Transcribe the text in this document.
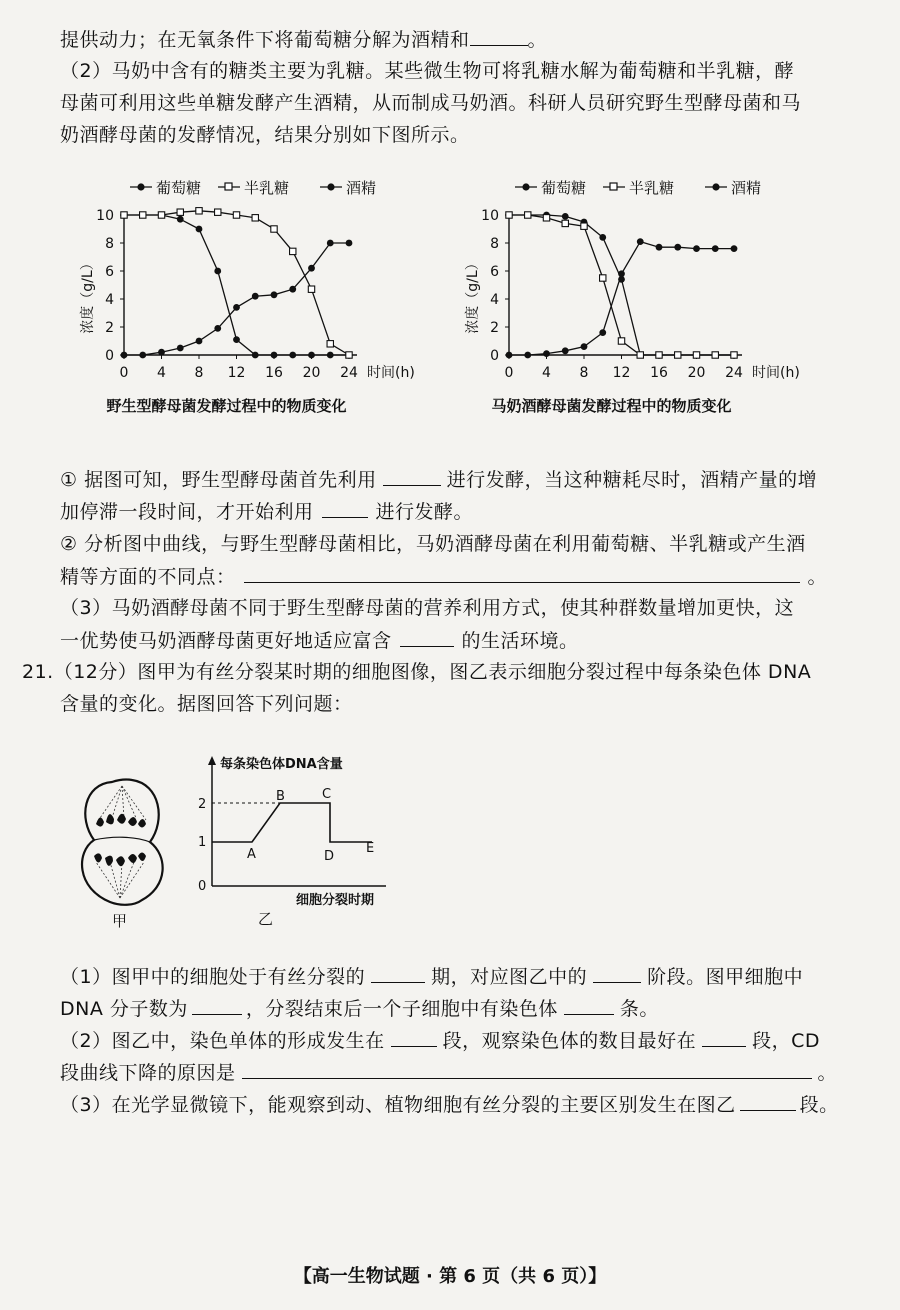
提供动力；在无氧条件下将葡萄糖分解为酒精和	。
（2）马奶中含有的糖类主要为乳糖。某些微生物可将乳糖水解为葡萄糖和半乳糖，酵
母菌可利用这些单糖发酵产生酒精，从而制成马奶酒。科研人员研究野生型酵母菌和马
奶酒酵母菌的发酵情况，结果分别如下图所示。
葡萄糖	半乳糖	酒精
0
2
4
6
8
10
0 4 8 12 16 20 24 时间(h)
浓度（g/L）
野生型酵母菌发酵过程中的物质变化
葡萄糖	半乳糖	酒精
0
2
4
6
8
10
0 4 8 12 16 20 24 时间(h)
浓度（g/L）
马奶酒酵母菌发酵过程中的物质变化
① 据图可知，野生型酵母菌首先利用	进行发酵，当这种糖耗尽时，酒精产量的增
加停滞一段时间，才开始利用	进行发酵。
② 分析图中曲线，与野生型酵母菌相比，马奶酒酵母菌在利用葡萄糖、半乳糖或产生酒
精等方面的不同点：	。
（3）马奶酒酵母菌不同于野生型酵母菌的营养利用方式，使其种群数量增加更快，这
一优势使马奶酒酵母菌更好地适应富含	的生活环境。
21.（12分）图甲为有丝分裂某时期的细胞图像，图乙表示细胞分裂过程中每条染色体 DNA
含量的变化。据图回答下列问题：
甲
每条染色体DNA含量
0
1
2
A
B	C
D
E
细胞分裂时期
乙
（1）图甲中的细胞处于有丝分裂的	期，对应图乙中的	阶段。图甲细胞中
DNA 分子数为	，分裂结束后一个子细胞中有染色体	条。
（2）图乙中，染色单体的形成发生在	段，观察染色体的数目最好在	段，CD
段曲线下降的原因是	。
（3）在光学显微镜下，能观察到动、植物细胞有丝分裂的主要区别发生在图乙	段。
【高一生物试题 · 第 6 页（共 6 页）】
